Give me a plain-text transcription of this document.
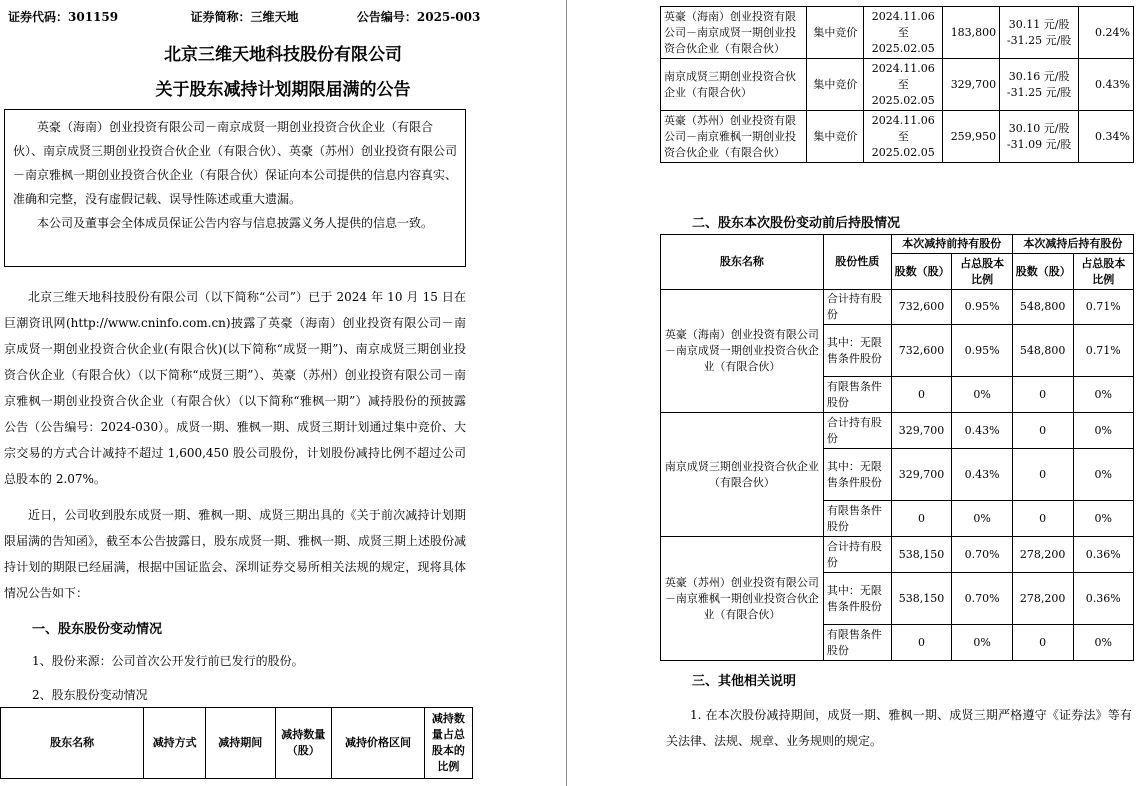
证券代码：301159	证券简称：三维天地	公告编号：2025-003
北京三维天地科技股份有限公司
关于股东减持计划期限届满的公告

英豪（海南）创业投资有限公司－南京成贤一期创业投资合伙企业（有限合伙）、南京成贤三期创业投资合伙企业（有限合伙）、英豪（苏州）创业投资有限公司－南京雅枫一期创业投资合伙企业（有限合伙）保证向本公司提供的信息内容真实、准确和完整，没有虚假记载、误导性陈述或重大遗漏。

本公司及董事会全体成员保证公告内容与信息披露义务人提供的信息一致。

北京三维天地科技股份有限公司（以下简称“公司”）已于 2024 年 10 月 15 日在巨潮资讯网(http://www.cninfo.com.cn)披露了英豪（海南）创业投资有限公司－南京成贤一期创业投资合伙企业(有限合伙)(以下简称“成贤一期”)、南京成贤三期创业投资合伙企业（有限合伙）（以下简称“成贤三期”）、英豪（苏州）创业投资有限公司－南京雅枫一期创业投资合伙企业（有限合伙）（以下简称“雅枫一期”）减持股份的预披露公告（公告编号：2024-030）。成贤一期、雅枫一期、成贤三期计划通过集中竞价、大宗交易的方式合计减持不超过 1,600,450 股公司股份，计划股份减持比例不超过公司总股本的 2.07%。

近日，公司收到股东成贤一期、雅枫一期、成贤三期出具的《关于前次减持计划期限届满的告知函》，截至本公告披露日，股东成贤一期、雅枫一期、成贤三期上述股份减持计划的期限已经届满，根据中国证监会、深圳证券交易所相关法规的规定，现将具体情况公告如下：

一、股东股份变动情况
1、股份来源：公司首次公开发行前已发行的股份。
2、股东股份变动情况
股东名称	减持方式	减持期间	减持数量（股）	减持价格区间	减持数量占总股本的比例
英豪（海南）创业投资有限公司－南京成贤一期创业投资合伙企业（有限合伙）	集中竞价	2024.11.06 至 2025.02.05	183,800	30.11 元/股 -31.25 元/股	0.24%
南京成贤三期创业投资合伙企业（有限合伙）	集中竞价	2024.11.06 至 2025.02.05	329,700	30.16 元/股 -31.25 元/股	0.43%
英豪（苏州）创业投资有限公司－南京雅枫一期创业投资合伙企业（有限合伙）	集中竞价	2024.11.06 至 2025.02.05	259,950	30.10 元/股 -31.09 元/股	0.34%
二、股东本次股份变动前后持股情况
股东名称	股份性质	本次减持前持有股份		本次减持后持有股份	
		股数（股）	占总股本比例	股数（股）	占总股本比例
英豪（海南）创业投资有限公司－南京成贤一期创业投资合伙企业（有限合伙）	合计持有股份	732,600	0.95%	548,800	0.71%
	其中：无限售条件股份	732,600	0.95%	548,800	0.71%
	有限售条件股份	0	0%	0	0%
南京成贤三期创业投资合伙企业（有限合伙）	合计持有股份	329,700	0.43%	0	0%
	其中：无限售条件股份	329,700	0.43%	0	0%
	有限售条件股份	0	0%	0	0%
英豪（苏州）创业投资有限公司－南京雅枫一期创业投资合伙企业（有限合伙）	合计持有股份	538,150	0.70%	278,200	0.36%
	其中：无限售条件股份	538,150	0.70%	278,200	0.36%
	有限售条件股份	0	0%	0	0%
三、其他相关说明

1. 在本次股份减持期间，成贤一期、雅枫一期、成贤三期严格遵守《证券法》等有关法律、法规、规章、业务规则的规定。
